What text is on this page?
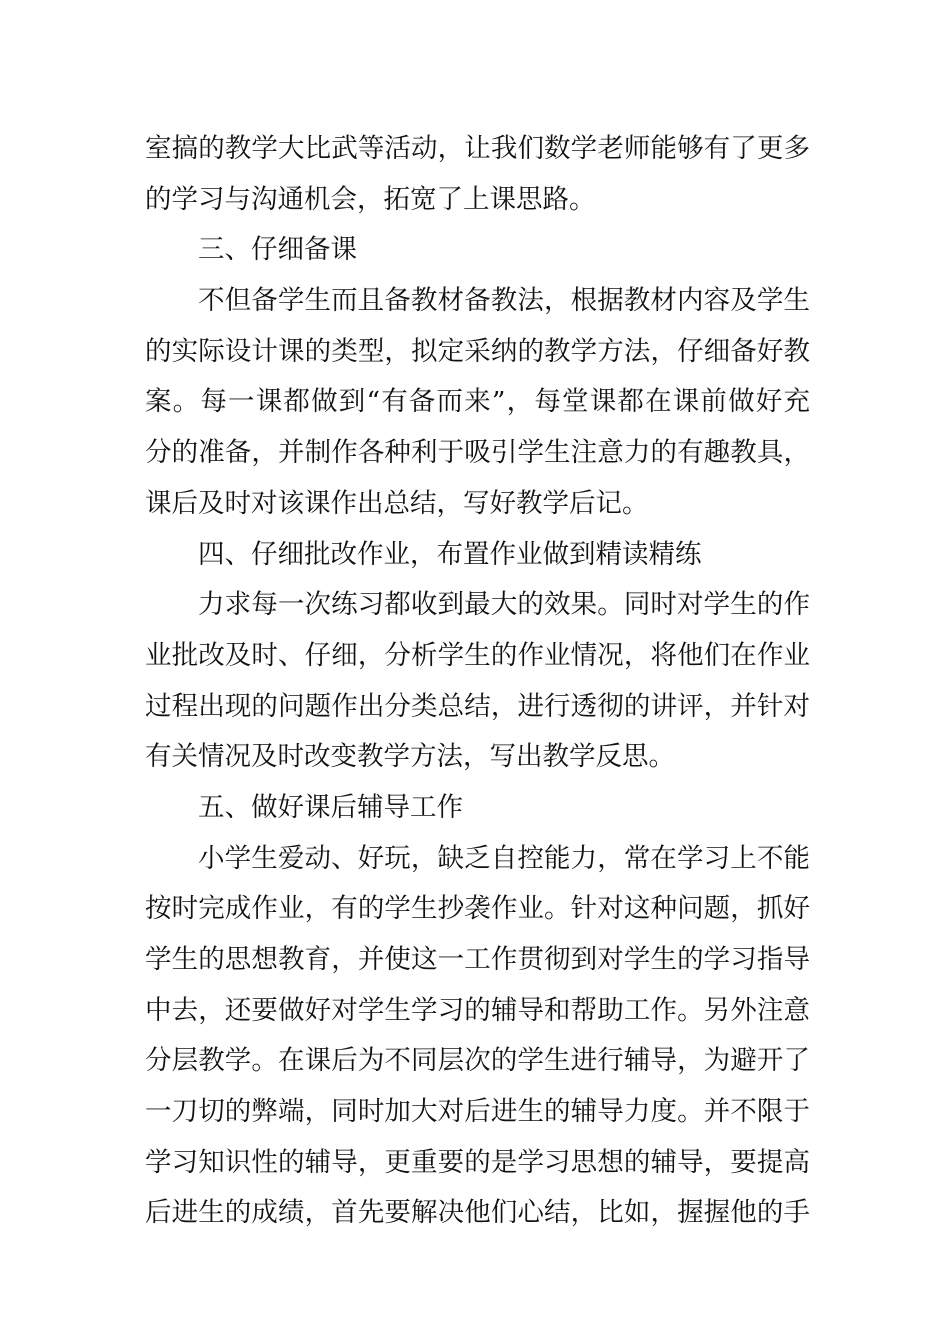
室搞的教学大比武等活动，让我们数学老师能够有了更多
的学习与沟通机会，拓宽了上课思路。
三、仔细备课
不但备学生而且备教材备教法，根据教材内容及学生
的实际设计课的类型，拟定采纳的教学方法，仔细备好教
案。每一课都做到“有备而来”，每堂课都在课前做好充
分的准备，并制作各种利于吸引学生注意力的有趣教具，
课后及时对该课作出总结，写好教学后记。
四、仔细批改作业，布置作业做到精读精练
力求每一次练习都收到最大的效果。同时对学生的作
业批改及时、仔细，分析学生的作业情况，将他们在作业
过程出现的问题作出分类总结，进行透彻的讲评，并针对
有关情况及时改变教学方法，写出教学反思。
五、做好课后辅导工作
小学生爱动、好玩，缺乏自控能力，常在学习上不能
按时完成作业，有的学生抄袭作业。针对这种问题，抓好
学生的思想教育，并使这一工作贯彻到对学生的学习指导
中去，还要做好对学生学习的辅导和帮助工作。另外注意
分层教学。在课后为不同层次的学生进行辅导，为避开了
一刀切的弊端，同时加大对后进生的辅导力度。并不限于
学习知识性的辅导，更重要的是学习思想的辅导，要提高
后进生的成绩，首先要解决他们心结，比如，握握他的手
